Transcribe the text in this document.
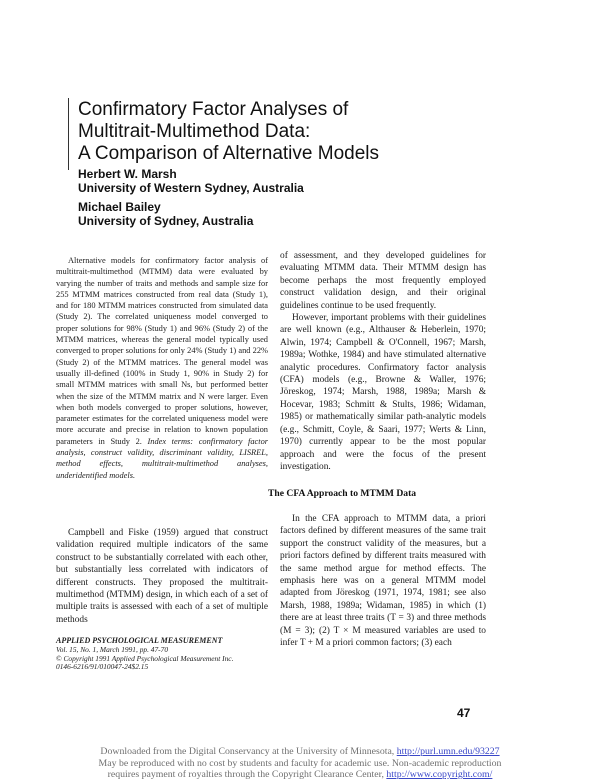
Confirmatory Factor Analyses of
Multitrait-Multimethod Data:
A Comparison of Alternative Models
Herbert W. Marsh
University of Western Sydney, Australia
Michael Bailey
University of Sydney, Australia
Alternative models for confirmatory factor analysis of multitrait-multimethod (MTMM) data were evaluated by varying the number of traits and methods and sample size for 255 MTMM matrices constructed from real data (Study 1), and for 180 MTMM matrices constructed from simulated data (Study 2). The correlated uniqueness model converged to proper solutions for 98% (Study 1) and 96% (Study 2) of the MTMM matrices, whereas the general model typically used converged to proper solutions for only 24% (Study 1) and 22% (Study 2) of the MTMM matrices. The general model was usually ill-defined (100% in Study 1, 90% in Study 2) for small MTMM matrices with small Ns, but performed better when the size of the MTMM matrix and N were larger. Even when both models converged to proper solutions, however, parameter estimates for the correlated uniqueness model were more accurate and precise in relation to known population parameters in Study 2. Index terms: confirmatory factor analysis, construct validity, discriminant validity, LISREL, method effects, multitrait-multimethod analyses, underidentified models.
Campbell and Fiske (1959) argued that construct validation required multiple indicators of the same construct to be substantially correlated with each other, but substantially less correlated with indicators of different constructs. They proposed the multitrait-multimethod (MTMM) design, in which each of a set of multiple traits is assessed with each of a set of multiple methods
APPLIED PSYCHOLOGICAL MEASUREMENT
Vol. 15, No. 1, March 1991, pp. 47-70
© Copyright 1991 Applied Psychological Measurement Inc.
0146-6216/91/010047-24$2.15

of assessment, and they developed guidelines for evaluating MTMM data. Their MTMM design has become perhaps the most frequently employed construct validation design, and their original guidelines continue to be used frequently.

However, important problems with their guidelines are well known (e.g., Althauser & Heberlein, 1970; Alwin, 1974; Campbell & O'Connell, 1967; Marsh, 1989a; Wothke, 1984) and have stimulated alternative analytic procedures. Confirmatory factor analysis (CFA) models (e.g., Browne & Waller, 1976; Jöreskog, 1974; Marsh, 1988, 1989a; Marsh & Hocevar, 1983; Schmitt & Stults, 1986; Widaman, 1985) or mathematically similar path-analytic models (e.g., Schmitt, Coyle, & Saari, 1977; Werts & Linn, 1970) currently appear to be the most popular approach and were the focus of the present investigation.

The CFA Approach to MTMM Data

In the CFA approach to MTMM data, a priori factors defined by different measures of the same trait support the construct validity of the measures, but a priori factors defined by different traits measured with the same method argue for method effects. The emphasis here was on a general MTMM model adapted from Jöreskog (1971, 1974, 1981; see also Marsh, 1988, 1989a; Widaman, 1985) in which (1) there are at least three traits (T = 3) and three methods (M = 3); (2) T × M measured variables are used to infer T + M a priori common factors; (3) each

47
Downloaded from the Digital Conservancy at the University of Minnesota, http://purl.umn.edu/93227
May be reproduced with no cost by students and faculty for academic use. Non-academic reproduction
requires payment of royalties through the Copyright Clearance Center, http://www.copyright.com/
